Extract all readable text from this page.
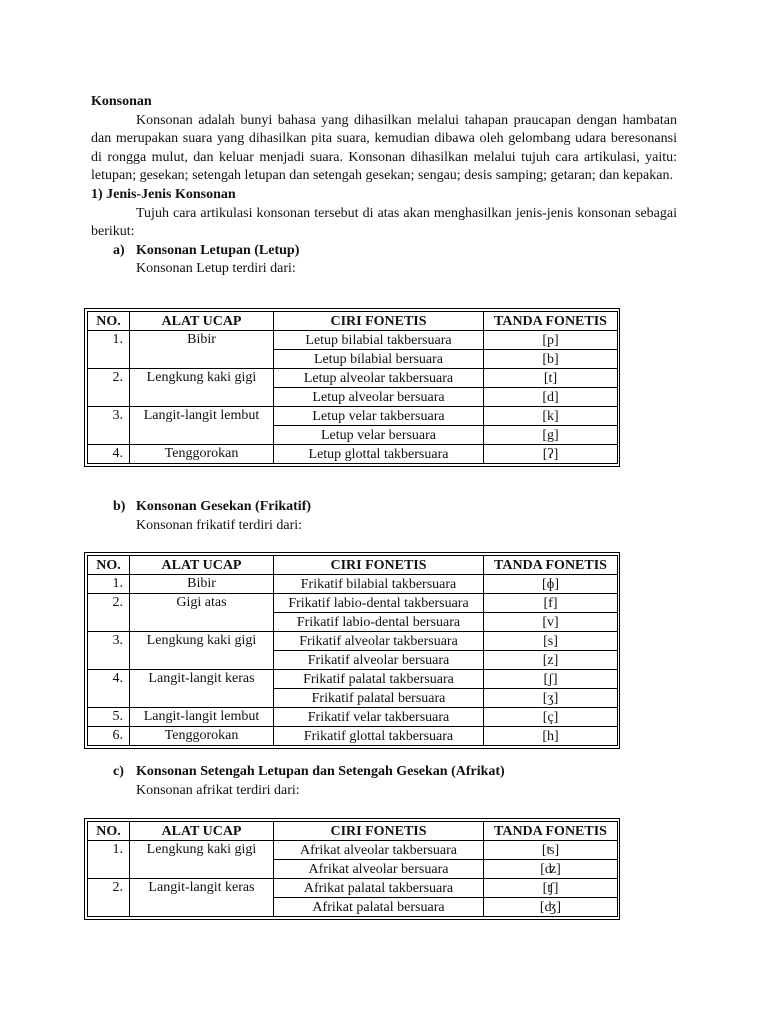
Konsonan

Konsonan adalah bunyi bahasa yang dihasilkan melalui tahapan praucapan dengan hambatan dan merupakan suara yang dihasilkan pita suara, kemudian dibawa oleh gelombang udara beresonansi di rongga mulut, dan keluar menjadi suara. Konsonan dihasilkan melalui tujuh cara artikulasi, yaitu: letupan; gesekan; setengah letupan dan setengah gesekan; sengau; desis samping; getaran; dan kepakan.

1) Jenis-Jenis Konsonan

Tujuh cara artikulasi konsonan tersebut di atas akan menghasilkan jenis-jenis konsonan sebagai berikut:

a) Konsonan Letupan (Letup)

Konsonan Letup terdiri dari:

NO.	ALAT UCAP	CIRI FONETIS	TANDA FONETIS
1.	Bibir	Letup bilabial takbersuara	[p]
		Letup bilabial bersuara	[b]
2.	Lengkung kaki gigi	Letup alveolar takbersuara	[t]
		Letup alveolar bersuara	[d]
3.	Langit-langit lembut	Letup velar takbersuara	[k]
		Letup velar bersuara	[g]
4.	Tenggorokan	Letup glottal takbersuara	[ʔ]

b) Konsonan Gesekan (Frikatif)

Konsonan frikatif terdiri dari:

NO.	ALAT UCAP	CIRI FONETIS	TANDA FONETIS
1.	Bibir	Frikatif bilabial takbersuara	[ɸ]
2.	Gigi atas	Frikatif labio-dental takbersuara	[f]
		Frikatif labio-dental bersuara	[v]
3.	Lengkung kaki gigi	Frikatif alveolar takbersuara	[s]
		Frikatif alveolar bersuara	[z]
4.	Langit-langit keras	Frikatif palatal takbersuara	[ʃ]
		Frikatif palatal bersuara	[ʒ]
5.	Langit-langit lembut	Frikatif velar takbersuara	[ç]
6.	Tenggorokan	Frikatif glottal takbersuara	[h]

c) Konsonan Setengah Letupan dan Setengah Gesekan (Afrikat)

Konsonan afrikat terdiri dari:

NO.	ALAT UCAP	CIRI FONETIS	TANDA FONETIS
1.	Lengkung kaki gigi	Afrikat alveolar takbersuara	[ʦ]
		Afrikat alveolar bersuara	[ʣ]
2.	Langit-langit keras	Afrikat palatal takbersuara	[ʧ]
		Afrikat palatal bersuara	[ʤ]
